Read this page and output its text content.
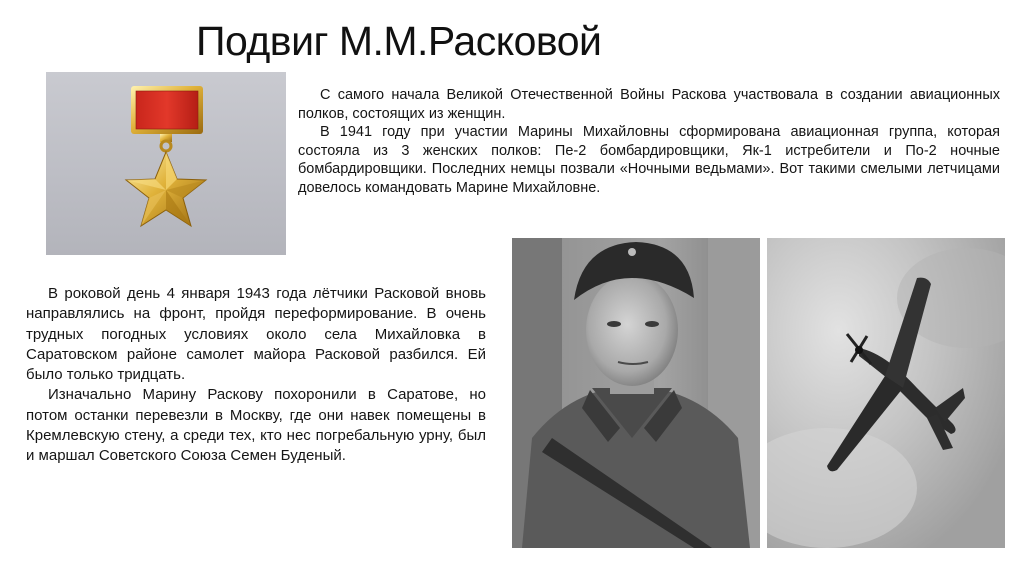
Подвиг М.М.Расковой

С самого начала Великой Отечественной Войны Раскова участвовала в создании авиационных полков, состоящих из женщин.

В 1941 году при участии Марины Михайловны сформирована авиационная группа, которая состояла из 3 женских полков: Пе-2 бомбардировщики, Як-1 истребители и По-2 ночные бомбардировщики. Последних немцы позвали «Ночными ведьмами». Вот такими смелыми летчицами довелось командовать Марине Михайловне.

В роковой день 4 января 1943 года лётчики Расковой вновь направлялись на фронт, пройдя переформирование. В очень трудных погодных условиях около села Михайловка в Саратовском районе самолет майора Расковой разбился. Ей было только тридцать.

Изначально Марину Раскову похоронили в Саратове, но потом останки перевезли в Москву, где они навек помещены в Кремлевскую стену, а среди тех, кто нес погребальную урну, был и маршал Советского Союза Семен Буденый.
